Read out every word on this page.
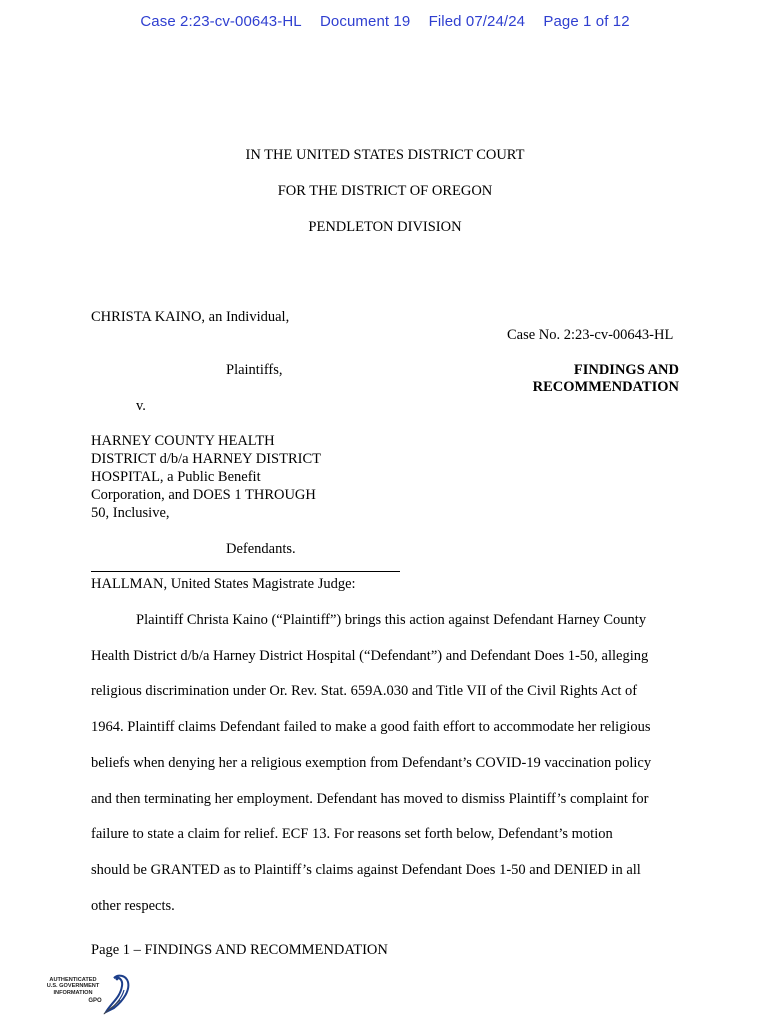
Case 2:23-cv-00643-HL Document 19 Filed 07/24/24 Page 1 of 12
IN THE UNITED STATES DISTRICT COURT
FOR THE DISTRICT OF OREGON
PENDLETON DIVISION
CHRISTA KAINO, an Individual,
Case No. 2:23-cv-00643-HL
Plaintiffs,	FINDINGS AND
RECOMMENDATION
v.
HARNEY COUNTY HEALTH
DISTRICT d/b/a HARNEY DISTRICT
HOSPITAL, a Public Benefit
Corporation, and DOES 1 THROUGH
50, Inclusive,
Defendants.
HALLMAN, United States Magistrate Judge:
Plaintiff Christa Kaino (“Plaintiff”) brings this action against Defendant Harney County
Health District d/b/a Harney District Hospital (“Defendant”) and Defendant Does 1-50, alleging
religious discrimination under Or. Rev. Stat. 659A.030 and Title VII of the Civil Rights Act of
1964. Plaintiff claims Defendant failed to make a good faith effort to accommodate her religious
beliefs when denying her a religious exemption from Defendant’s COVID-19 vaccination policy
and then terminating her employment. Defendant has moved to dismiss Plaintiff’s complaint for
failure to state a claim for relief. ECF 13. For reasons set forth below, Defendant’s motion
should be GRANTED as to Plaintiff’s claims against Defendant Does 1-50 and DENIED in all
other respects.
Page 1 – FINDINGS AND RECOMMENDATION
AUTHENTICATED
U.S. GOVERNMENT
INFORMATION
GPO
